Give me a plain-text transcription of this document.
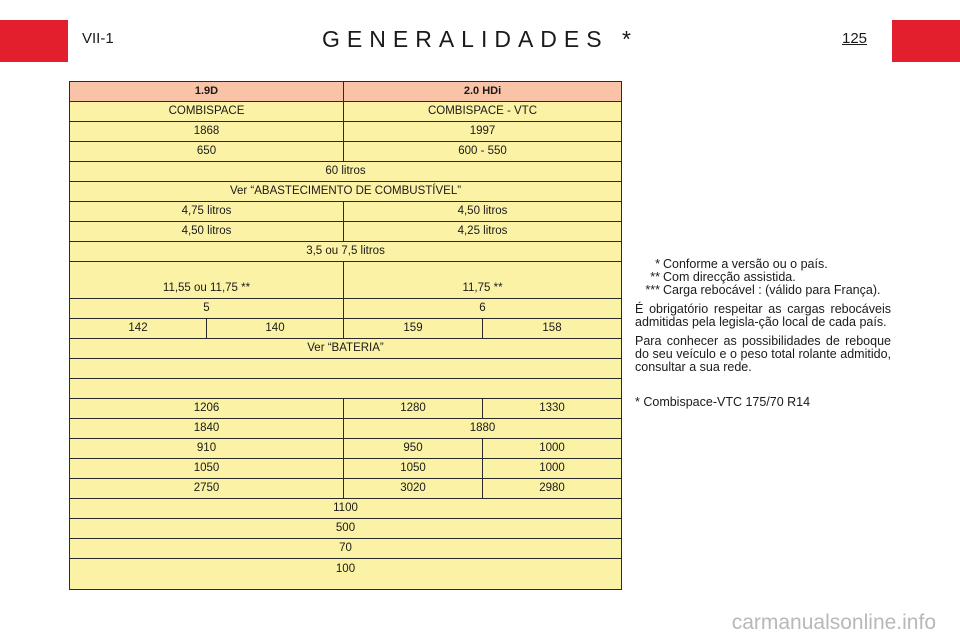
VII-1	GENERALIDADES *	125
1.9D		2.0 HDi	
COMBISPACE		COMBISPACE - VTC	
1868		1997	
650		600 - 550	
60 litros			
Ver “ABASTECIMENTO DE COMBUSTÍVEL”			
4,75 litros		4,50 litros	
4,50 litros		4,25 litros	
3,5 ou 7,5 litros			
11,55 ou 11,75 **		11,75 **	
5		6	
142	140	159	158
Ver “BATERIA”			

1206		1280	1330
1840		1880	
910		950	1000
1050		1050	1000
2750		3020	2980
1100			
500			
70			
100			
* Conforme a versão ou o país.
** Com direcção assistida.
*** Carga rebocável : (válido para França).

É obrigatório respeitar as cargas rebocáveis admitidas pela legisla-ção local de cada país.

Para conhecer as possibilidades de reboque do seu veículo e o peso total rolante admitido, consultar a sua rede.

* Combispace-VTC 175/70 R14

carmanualsonline.info
